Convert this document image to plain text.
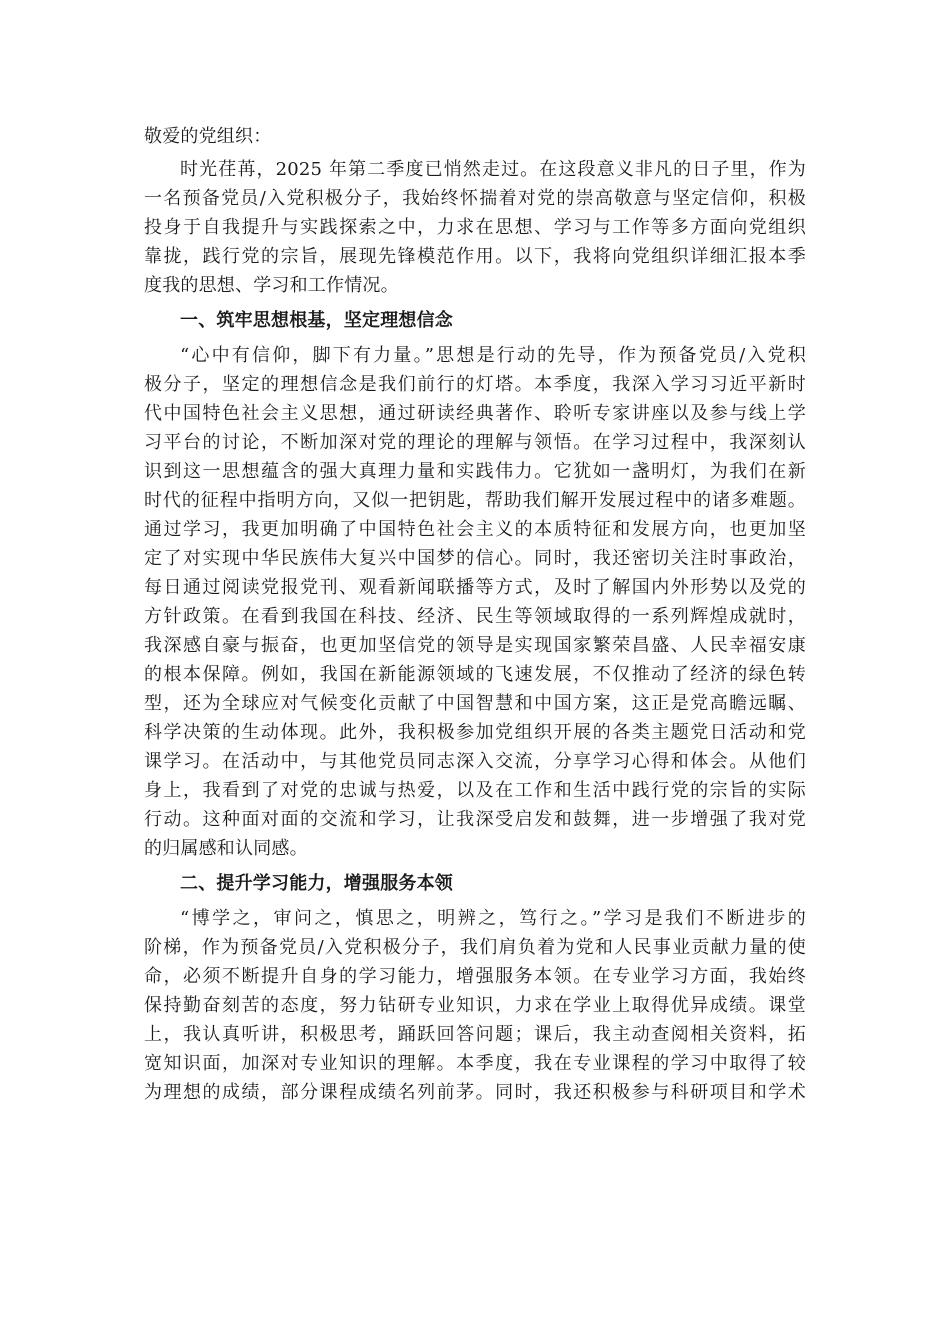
敬爱的党组织：
时光荏苒，2025 年第二季度已悄然走过。在这段意义非凡的日子里，作为
一名预备党员/入党积极分子，我始终怀揣着对党的崇高敬意与坚定信仰，积极
投身于自我提升与实践探索之中，力求在思想、学习与工作等多方面向党组织
靠拢，践行党的宗旨，展现先锋模范作用。以下，我将向党组织详细汇报本季
度我的思想、学习和工作情况。
一、筑牢思想根基，坚定理想信念
“心中有信仰，脚下有力量。”思想是行动的先导，作为预备党员/入党积
极分子，坚定的理想信念是我们前行的灯塔。本季度，我深入学习习近平新时
代中国特色社会主义思想，通过研读经典著作、聆听专家讲座以及参与线上学
习平台的讨论，不断加深对党的理论的理解与领悟。在学习过程中，我深刻认
识到这一思想蕴含的强大真理力量和实践伟力。它犹如一盏明灯，为我们在新
时代的征程中指明方向，又似一把钥匙，帮助我们解开发展过程中的诸多难题。
通过学习，我更加明确了中国特色社会主义的本质特征和发展方向，也更加坚
定了对实现中华民族伟大复兴中国梦的信心。同时，我还密切关注时事政治，
每日通过阅读党报党刊、观看新闻联播等方式，及时了解国内外形势以及党的
方针政策。在看到我国在科技、经济、民生等领域取得的一系列辉煌成就时，
我深感自豪与振奋，也更加坚信党的领导是实现国家繁荣昌盛、人民幸福安康
的根本保障。例如，我国在新能源领域的飞速发展，不仅推动了经济的绿色转
型，还为全球应对气候变化贡献了中国智慧和中国方案，这正是党高瞻远瞩、
科学决策的生动体现。此外，我积极参加党组织开展的各类主题党日活动和党
课学习。在活动中，与其他党员同志深入交流，分享学习心得和体会。从他们
身上，我看到了对党的忠诚与热爱，以及在工作和生活中践行党的宗旨的实际
行动。这种面对面的交流和学习，让我深受启发和鼓舞，进一步增强了我对党
的归属感和认同感。
二、提升学习能力，增强服务本领
“博学之，审问之，慎思之，明辨之，笃行之。”学习是我们不断进步的
阶梯，作为预备党员/入党积极分子，我们肩负着为党和人民事业贡献力量的使
命，必须不断提升自身的学习能力，增强服务本领。在专业学习方面，我始终
保持勤奋刻苦的态度，努力钻研专业知识，力求在学业上取得优异成绩。课堂
上，我认真听讲，积极思考，踊跃回答问题；课后，我主动查阅相关资料，拓
宽知识面，加深对专业知识的理解。本季度，我在专业课程的学习中取得了较
为理想的成绩，部分课程成绩名列前茅。同时，我还积极参与科研项目和学术
